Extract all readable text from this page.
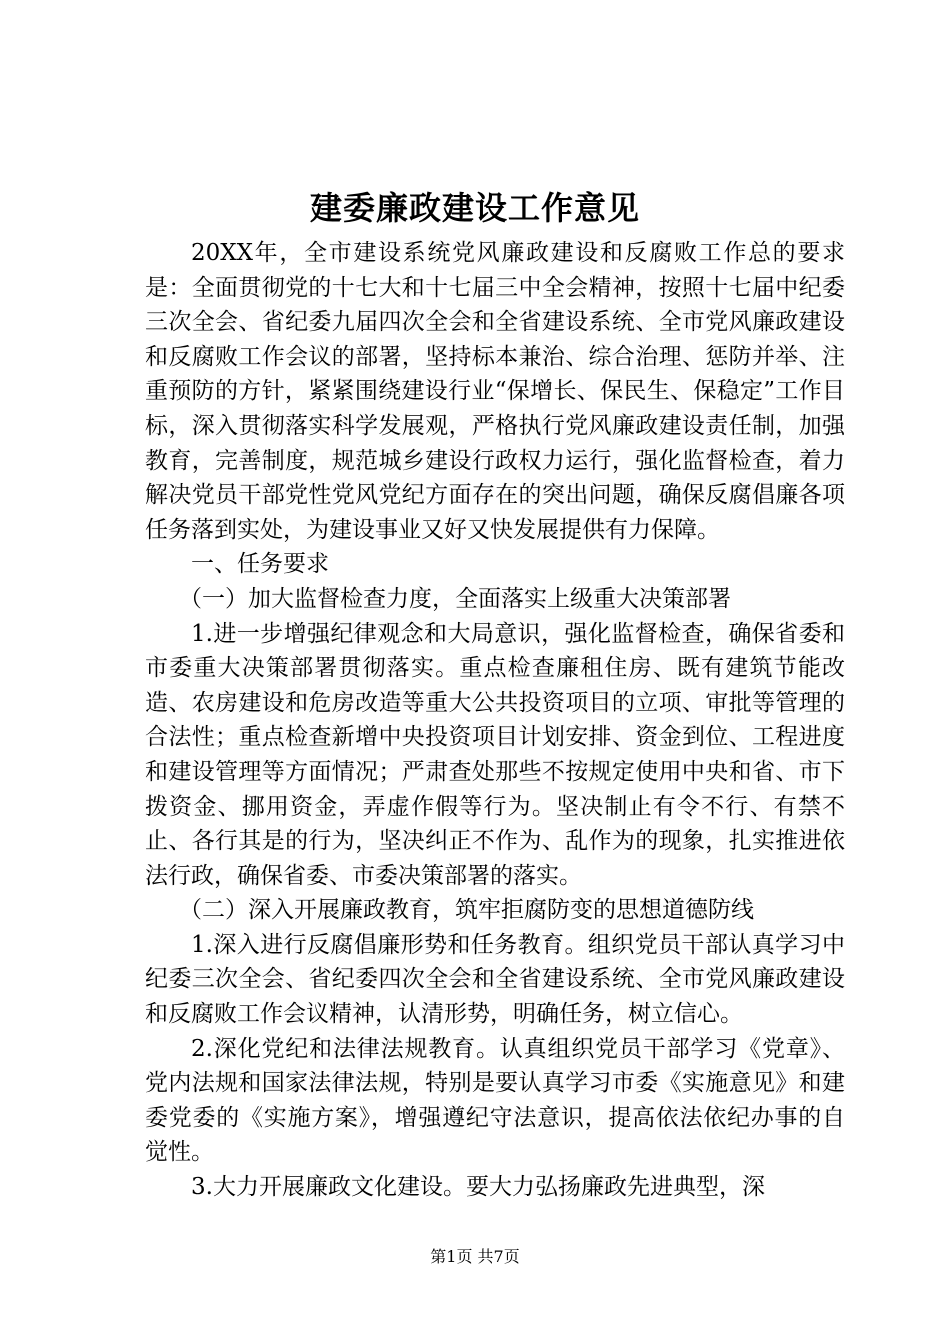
建委廉政建设工作意见

20XX年，全市建设系统党风廉政建设和反腐败工作总的要求是：全面贯彻党的十七大和十七届三中全会精神，按照十七届中纪委三次全会、省纪委九届四次全会和全省建设系统、全市党风廉政建设和反腐败工作会议的部署，坚持标本兼治、综合治理、惩防并举、注重预防的方针，紧紧围绕建设行业“保增长、保民生、保稳定”工作目标，深入贯彻落实科学发展观，严格执行党风廉政建设责任制，加强教育，完善制度，规范城乡建设行政权力运行，强化监督检查，着力解决党员干部党性党风党纪方面存在的突出问题，确保反腐倡廉各项任务落到实处，为建设事业又好又快发展提供有力保障。

一、任务要求

（一）加大监督检查力度，全面落实上级重大决策部署

1.进一步增强纪律观念和大局意识，强化监督检查，确保省委和市委重大决策部署贯彻落实。重点检查廉租住房、既有建筑节能改造、农房建设和危房改造等重大公共投资项目的立项、审批等管理的合法性；重点检查新增中央投资项目计划安排、资金到位、工程进度和建设管理等方面情况；严肃查处那些不按规定使用中央和省、市下拨资金、挪用资金，弄虚作假等行为。坚决制止有令不行、有禁不止、各行其是的行为，坚决纠正不作为、乱作为的现象，扎实推进依法行政，确保省委、市委决策部署的落实。

（二）深入开展廉政教育，筑牢拒腐防变的思想道德防线

1.深入进行反腐倡廉形势和任务教育。组织党员干部认真学习中纪委三次全会、省纪委四次全会和全省建设系统、全市党风廉政建设和反腐败工作会议精神，认清形势，明确任务，树立信心。

2.深化党纪和法律法规教育。认真组织党员干部学习《党章》、党内法规和国家法律法规，特别是要认真学习市委《实施意见》和建委党委的《实施方案》，增强遵纪守法意识，提高依法依纪办事的自觉性。

3.大力开展廉政文化建设。要大力弘扬廉政先进典型，深

第1页 共7页
